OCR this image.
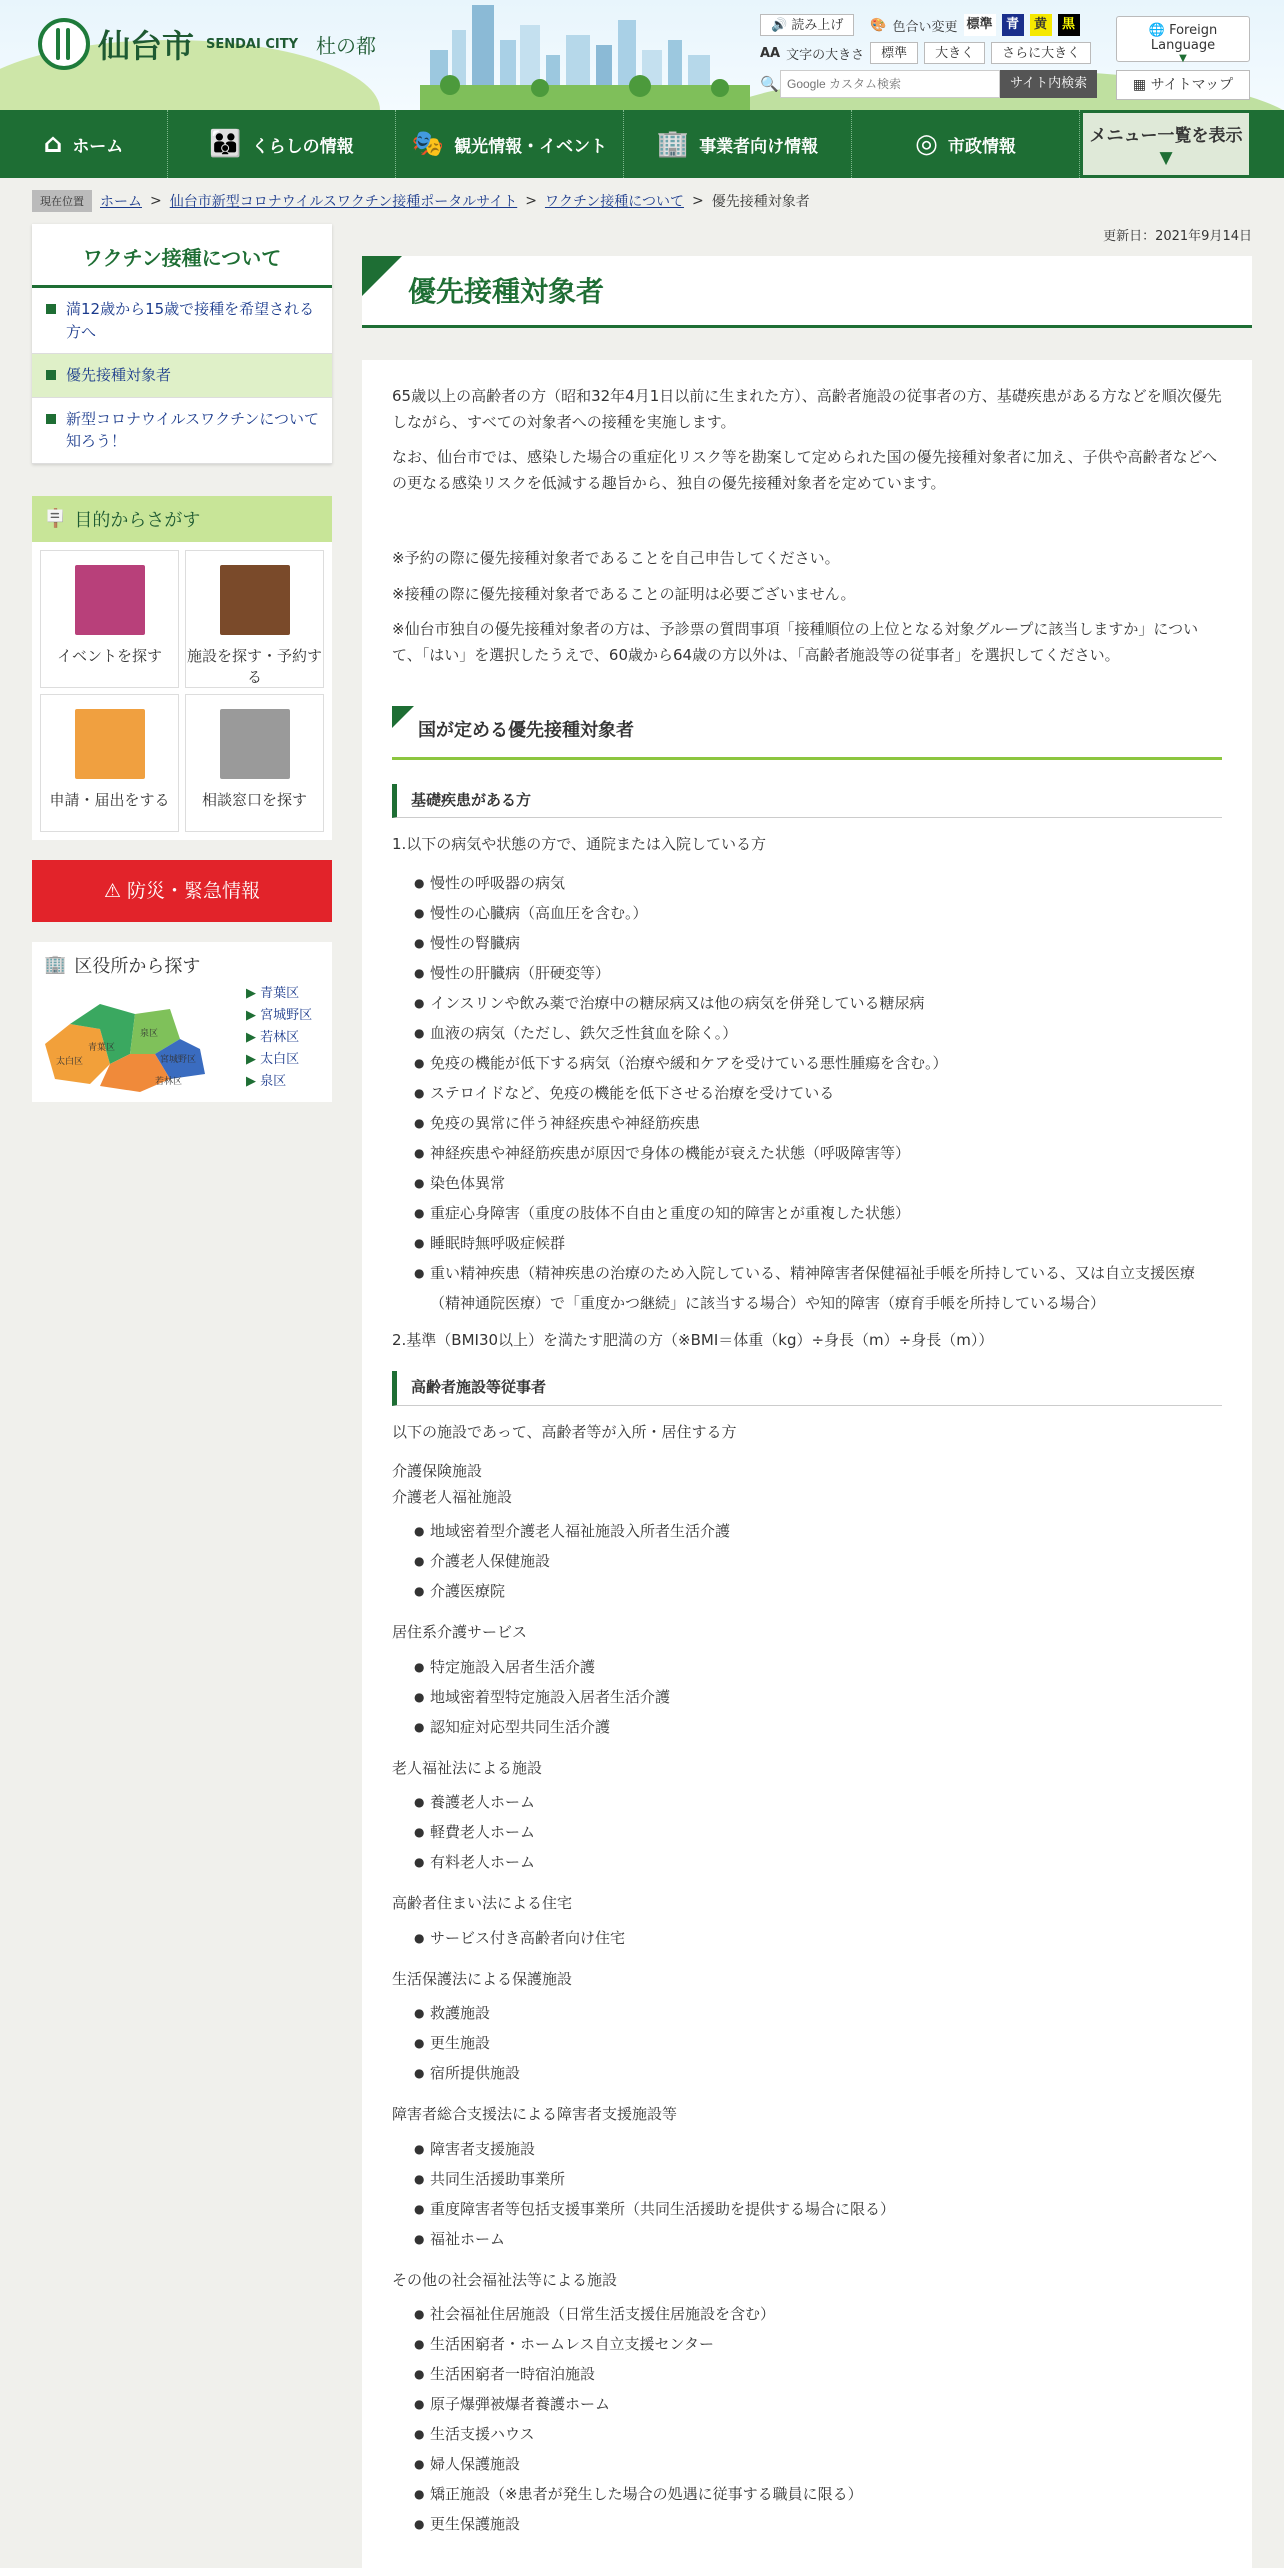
仙台市 SENDAI CITY 杜の都
🔊 読み上げ	🎨 色合い変更 標準	青	黄	黒
AA 文字の大きさ	標準	大きく	さらに大きく
🔍
Google カスタム検索	サイト内検索
🌐 Foreign Language
▼
▦ サイトマップ
⌂ ホーム	👪 くらしの情報 🎭 観光情報・イベント 🏢 事業者向け情報	◎ 市政情報
メニュー一覧を表示
▼
現在位置	ホーム > 仙台市新型コロナウイルスワクチン接種ポータルサイト > ワクチン接種について > 優先接種対象者
更新日：2021年9月14日
ワクチン接種について
満12歳から15歳で接種を希望される方へ
優先接種対象者
新型コロナウイルスワクチンについて知ろう！
🪧 目的からさがす
イベントを探す	施設を探す・予約する
申請・届出をする	相談窓口を探す
⚠ 防災・緊急情報
🏢 区役所から探す
青葉区
泉区
宮城野区
太白区
若林区
▶ 青葉区
▶ 宮城野区
▶ 若林区
▶ 太白区
▶ 泉区
優先接種対象者

65歳以上の高齢者の方（昭和32年4月1日以前に生まれた方）、高齢者施設の従事者の方、基礎疾患がある方などを順次優先しながら、すべての対象者への接種を実施します。

なお、仙台市では、感染した場合の重症化リスク等を勘案して定められた国の優先接種対象者に加え、子供や高齢者などへの更なる感染リスクを低減する趣旨から、独自の優先接種対象者を定めています。

※予約の際に優先接種対象者であることを自己申告してください。

※接種の際に優先接種対象者であることの証明は必要ございません。

※仙台市独自の優先接種対象者の方は、予診票の質問事項「接種順位の上位となる対象グループに該当しますか」について、「はい」を選択したうえで、60歳から64歳の方以外は、「高齢者施設等の従事者」を選択してください。

国が定める優先接種対象者
基礎疾患がある方

1.以下の病気や状態の方で、通院または入院している方

● 慢性の呼吸器の病気
● 慢性の心臓病（高血圧を含む。）
● 慢性の腎臓病
● 慢性の肝臓病（肝硬変等）
● インスリンや飲み薬で治療中の糖尿病又は他の病気を併発している糖尿病
● 血液の病気（ただし、鉄欠乏性貧血を除く。）
● 免疫の機能が低下する病気（治療や緩和ケアを受けている悪性腫瘍を含む。）
● ステロイドなど、免疫の機能を低下させる治療を受けている
● 免疫の異常に伴う神経疾患や神経筋疾患
● 神経疾患や神経筋疾患が原因で身体の機能が衰えた状態（呼吸障害等）
● 染色体異常
● 重症心身障害（重度の肢体不自由と重度の知的障害とが重複した状態）
● 睡眠時無呼吸症候群
● 重い精神疾患（精神疾患の治療のため入院している、精神障害者保健福祉手帳を所持している、又は自立支援医療（精神通院医療）で「重度かつ継続」に該当する場合）や知的障害（療育手帳を所持している場合）

2.基準（BMI30以上）を満たす肥満の方（※BMI＝体重（kg）÷身長（m）÷身長（m））

高齢者施設等従事者

以下の施設であって、高齢者等が入所・居住する方

介護保険施設
介護老人福祉施設
● 地域密着型介護老人福祉施設入所者生活介護
● 介護老人保健施設
● 介護医療院
居住系介護サービス
● 特定施設入居者生活介護
● 地域密着型特定施設入居者生活介護
● 認知症対応型共同生活介護
老人福祉法による施設
● 養護老人ホーム
● 軽費老人ホーム
● 有料老人ホーム
高齢者住まい法による住宅
● サービス付き高齢者向け住宅
生活保護法による保護施設
● 救護施設
● 更生施設
● 宿所提供施設
障害者総合支援法による障害者支援施設等
● 障害者支援施設
● 共同生活援助事業所
● 重度障害者等包括支援事業所（共同生活援助を提供する場合に限る）
● 福祉ホーム
その他の社会福祉法等による施設
● 社会福祉住居施設（日常生活支援住居施設を含む）
● 生活困窮者・ホームレス自立支援センター
● 生活困窮者一時宿泊施設
● 原子爆弾被爆者養護ホーム
● 生活支援ハウス
● 婦人保護施設
● 矯正施設（※患者が発生した場合の処遇に従事する職員に限る）
● 更生保護施設
